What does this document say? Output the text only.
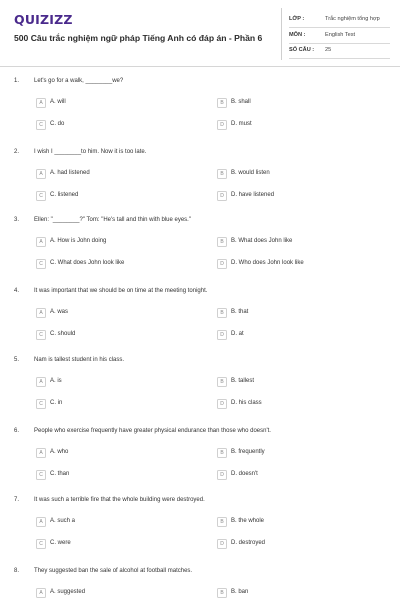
QUIZIZZ
500 Câu trắc nghiệm ngữ pháp Tiếng Anh có đáp án - Phần 6
LỚP :	Trắc nghiệm tổng hợp
MÔN :	English Test
SỐ CÂU : 25
1. Let's go for a walk, ________we?
A	A. will	B	B. shall
C	C. do	D	D. must
2. I wish I ________to him. Now it is too late.
A	A. had listened	B	B. would listen
C	C. listened	D	D. have listened
3. Ellen: "________?" Tom: "He's tall and thin with blue eyes."
A	A. How is John doing	B	B. What does John like
C	C. What does John look like	D	D. Who does John look like
4. It was important that we should be on time at the meeting tonight.
A	A. was	B	B. that
C	C. should	D	D. at
5. Nam is tallest student in his class.
A	A. is	B	B. tallest
C	C. in	D	D. his class
6. People who exercise frequently have greater physical endurance than those who doesn't.
A	A. who	B	B. frequently
C	C. than	D	D. doesn't
7. It was such a terrible fire that the whole building were destroyed.
A	A. such a	B	B. the whole
C	C. were	D	D. destroyed
8. They suggested ban the sale of alcohol at football matches.
A	A. suggested	B	B. ban
